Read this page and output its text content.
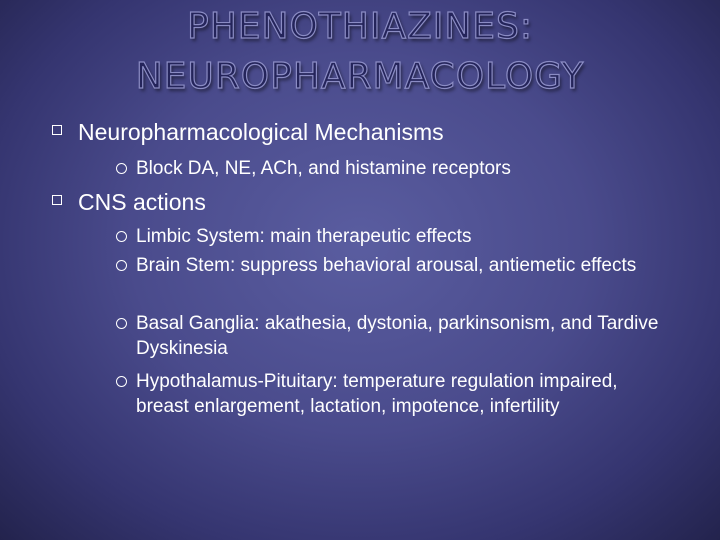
PHENOTHIAZINES:
NEUROPHARMACOLOGY
Neuropharmacological Mechanisms
Block DA, NE, ACh, and histamine receptors
CNS actions
Limbic System: main therapeutic effects
Brain Stem: suppress behavioral arousal, antiemetic effects
Basal Ganglia: akathesia, dystonia, parkinsonism, and Tardive Dyskinesia
Hypothalamus-Pituitary: temperature regulation impaired, breast enlargement, lactation, impotence, infertility
